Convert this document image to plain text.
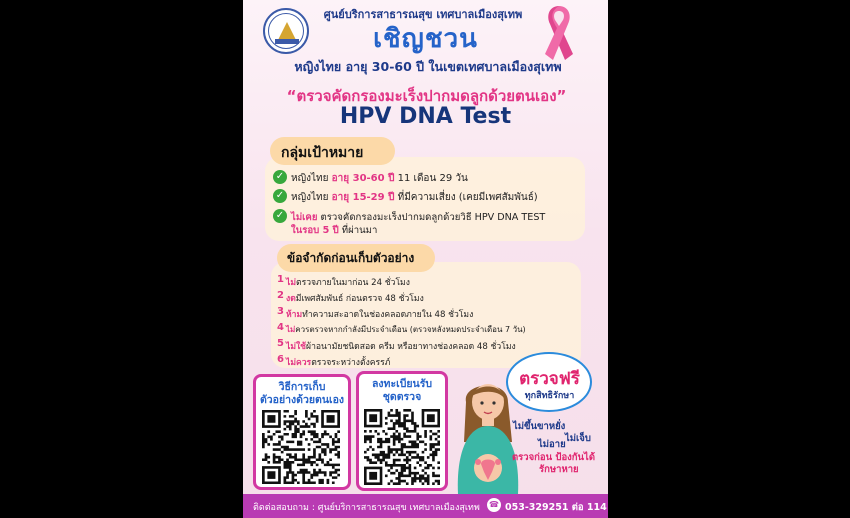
ศูนย์บริการสาธารณสุข เทศบาลเมืองสุเทพ
เชิญชวน
หญิงไทย อายุ 30-60 ปี ในเขตเทศบาลเมืองสุเทพ
“ตรวจคัดกรองมะเร็งปากมดลูกด้วยตนเอง”
HPV DNA Test
กลุ่มเป้าหมาย
✓ หญิงไทย อายุ 30-60 ปี 11 เดือน 29 วัน
✓ หญิงไทย อายุ 15-29 ปี ที่มีความเสี่ยง (เคยมีเพศสัมพันธ์)
✓ ไม่เคย ตรวจคัดกรองมะเร็งปากมดลูกด้วยวิธี HPV DNA TEST
ในรอบ 5 ปี ที่ผ่านมา
ข้อจำกัดก่อนเก็บตัวอย่าง
1 ไม่ตรวจภายในมาก่อน 24 ชั่วโมง
2 งดมีเพศสัมพันธ์ ก่อนตรวจ 48 ชั่วโมง
3 ห้ามทำความสะอาดในช่องคลอดภายใน 48 ชั่วโมง
4 ไม่ควรตรวจหากกำลังมีประจำเดือน (ตรวจหลังหมดประจำเดือน 7 วัน)
5 ไม่ใช้ผ้าอนามัยชนิดสอด ครีม หรือยาทางช่องคลอด 48 ชั่วโมง
6 ไม่ควรตรวจระหว่างตั้งครรภ์
วิธีการเก็บ
ตัวอย่างด้วยตนเอง
ลงทะเบียนรับ
ชุดตรวจ
ตรวจฟรี
ทุกสิทธิรักษา
ไม่ขึ้นขาหยั่ง
ไม่เจ็บ
ไม่อาย
ตรวจก่อน ป้องกันได้
รักษาหาย
ติดต่อสอบถาม : ศูนย์บริการสาธารณสุข เทศบาลเมืองสุเทพ ☎ 053-329251 ต่อ 114
